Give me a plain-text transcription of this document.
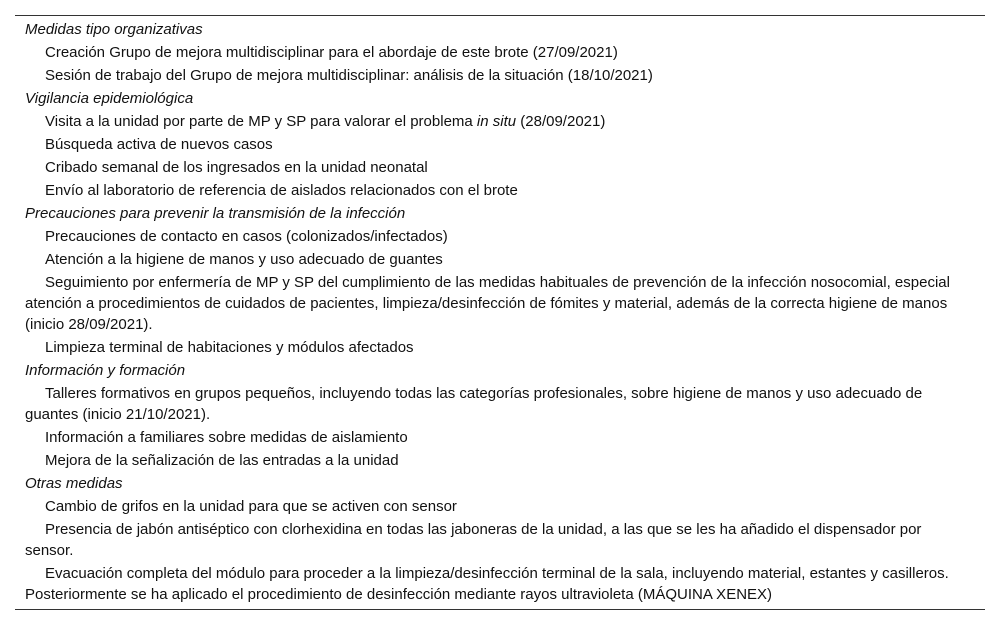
Medidas tipo organizativas
Creación Grupo de mejora multidisciplinar para el abordaje de este brote (27/09/2021)
Sesión de trabajo del Grupo de mejora multidisciplinar: análisis de la situación (18/10/2021)
Vigilancia epidemiológica
Visita a la unidad por parte de MP y SP para valorar el problema in situ (28/09/2021)
Búsqueda activa de nuevos casos
Cribado semanal de los ingresados en la unidad neonatal
Envío al laboratorio de referencia de aislados relacionados con el brote
Precauciones para prevenir la transmisión de la infección
Precauciones de contacto en casos (colonizados/infectados)
Atención a la higiene de manos y uso adecuado de guantes
Seguimiento por enfermería de MP y SP del cumplimiento de las medidas habituales de prevención de la infección nosocomial, especial atención a procedimientos de cuidados de pacientes, limpieza/desinfección de fómites y material, además de la correcta higiene de manos (inicio 28/09/2021).
Limpieza terminal de habitaciones y módulos afectados
Información y formación
Talleres formativos en grupos pequeños, incluyendo todas las categorías profesionales, sobre higiene de manos y uso adecuado de guantes (inicio 21/10/2021).
Información a familiares sobre medidas de aislamiento
Mejora de la señalización de las entradas a la unidad
Otras medidas
Cambio de grifos en la unidad para que se activen con sensor
Presencia de jabón antiséptico con clorhexidina en todas las jaboneras de la unidad, a las que se les ha añadido el dispensador por sensor.
Evacuación completa del módulo para proceder a la limpieza/desinfección terminal de la sala, incluyendo material, estantes y casilleros. Posteriormente se ha aplicado el procedimiento de desinfección mediante rayos ultravioleta (MÁQUINA XENEX)
